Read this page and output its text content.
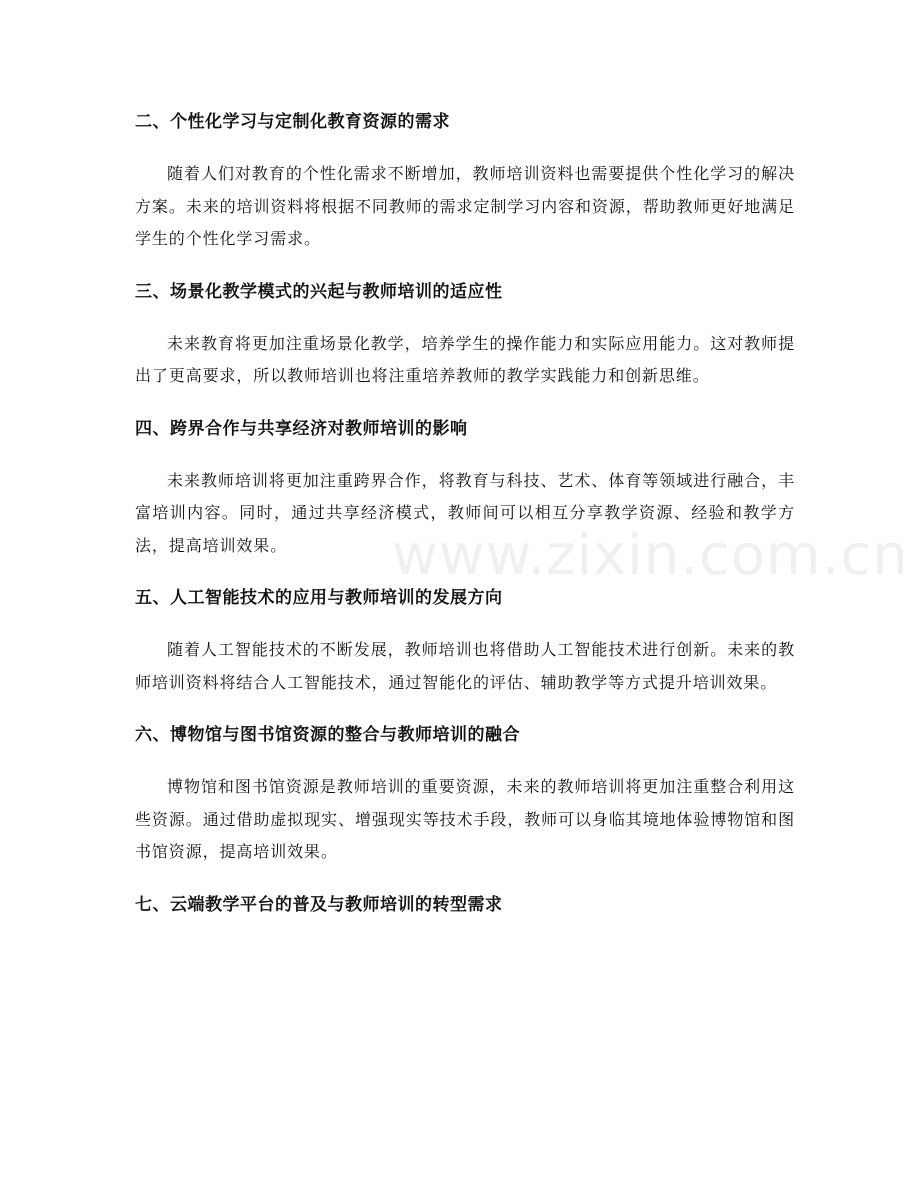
二、个性化学习与定制化教育资源的需求
随着人们对教育的个性化需求不断增加，教师培训资料也需要提供个性化学习的解决方案。未来的培训资料将根据不同教师的需求定制学习内容和资源，帮助教师更好地满足学生的个性化学习需求。
三、场景化教学模式的兴起与教师培训的适应性
未来教育将更加注重场景化教学，培养学生的操作能力和实际应用能力。这对教师提出了更高要求，所以教师培训也将注重培养教师的教学实践能力和创新思维。
四、跨界合作与共享经济对教师培训的影响
未来教师培训将更加注重跨界合作，将教育与科技、艺术、体育等领域进行融合，丰富培训内容。同时，通过共享经济模式，教师间可以相互分享教学资源、经验和教学方法，提高培训效果。
五、人工智能技术的应用与教师培训的发展方向
随着人工智能技术的不断发展，教师培训也将借助人工智能技术进行创新。未来的教师培训资料将结合人工智能技术，通过智能化的评估、辅助教学等方式提升培训效果。
六、博物馆与图书馆资源的整合与教师培训的融合
博物馆和图书馆资源是教师培训的重要资源，未来的教师培训将更加注重整合利用这些资源。通过借助虚拟现实、增强现实等技术手段，教师可以身临其境地体验博物馆和图书馆资源，提高培训效果。
七、云端教学平台的普及与教师培训的转型需求
www.zixin.com.cn
